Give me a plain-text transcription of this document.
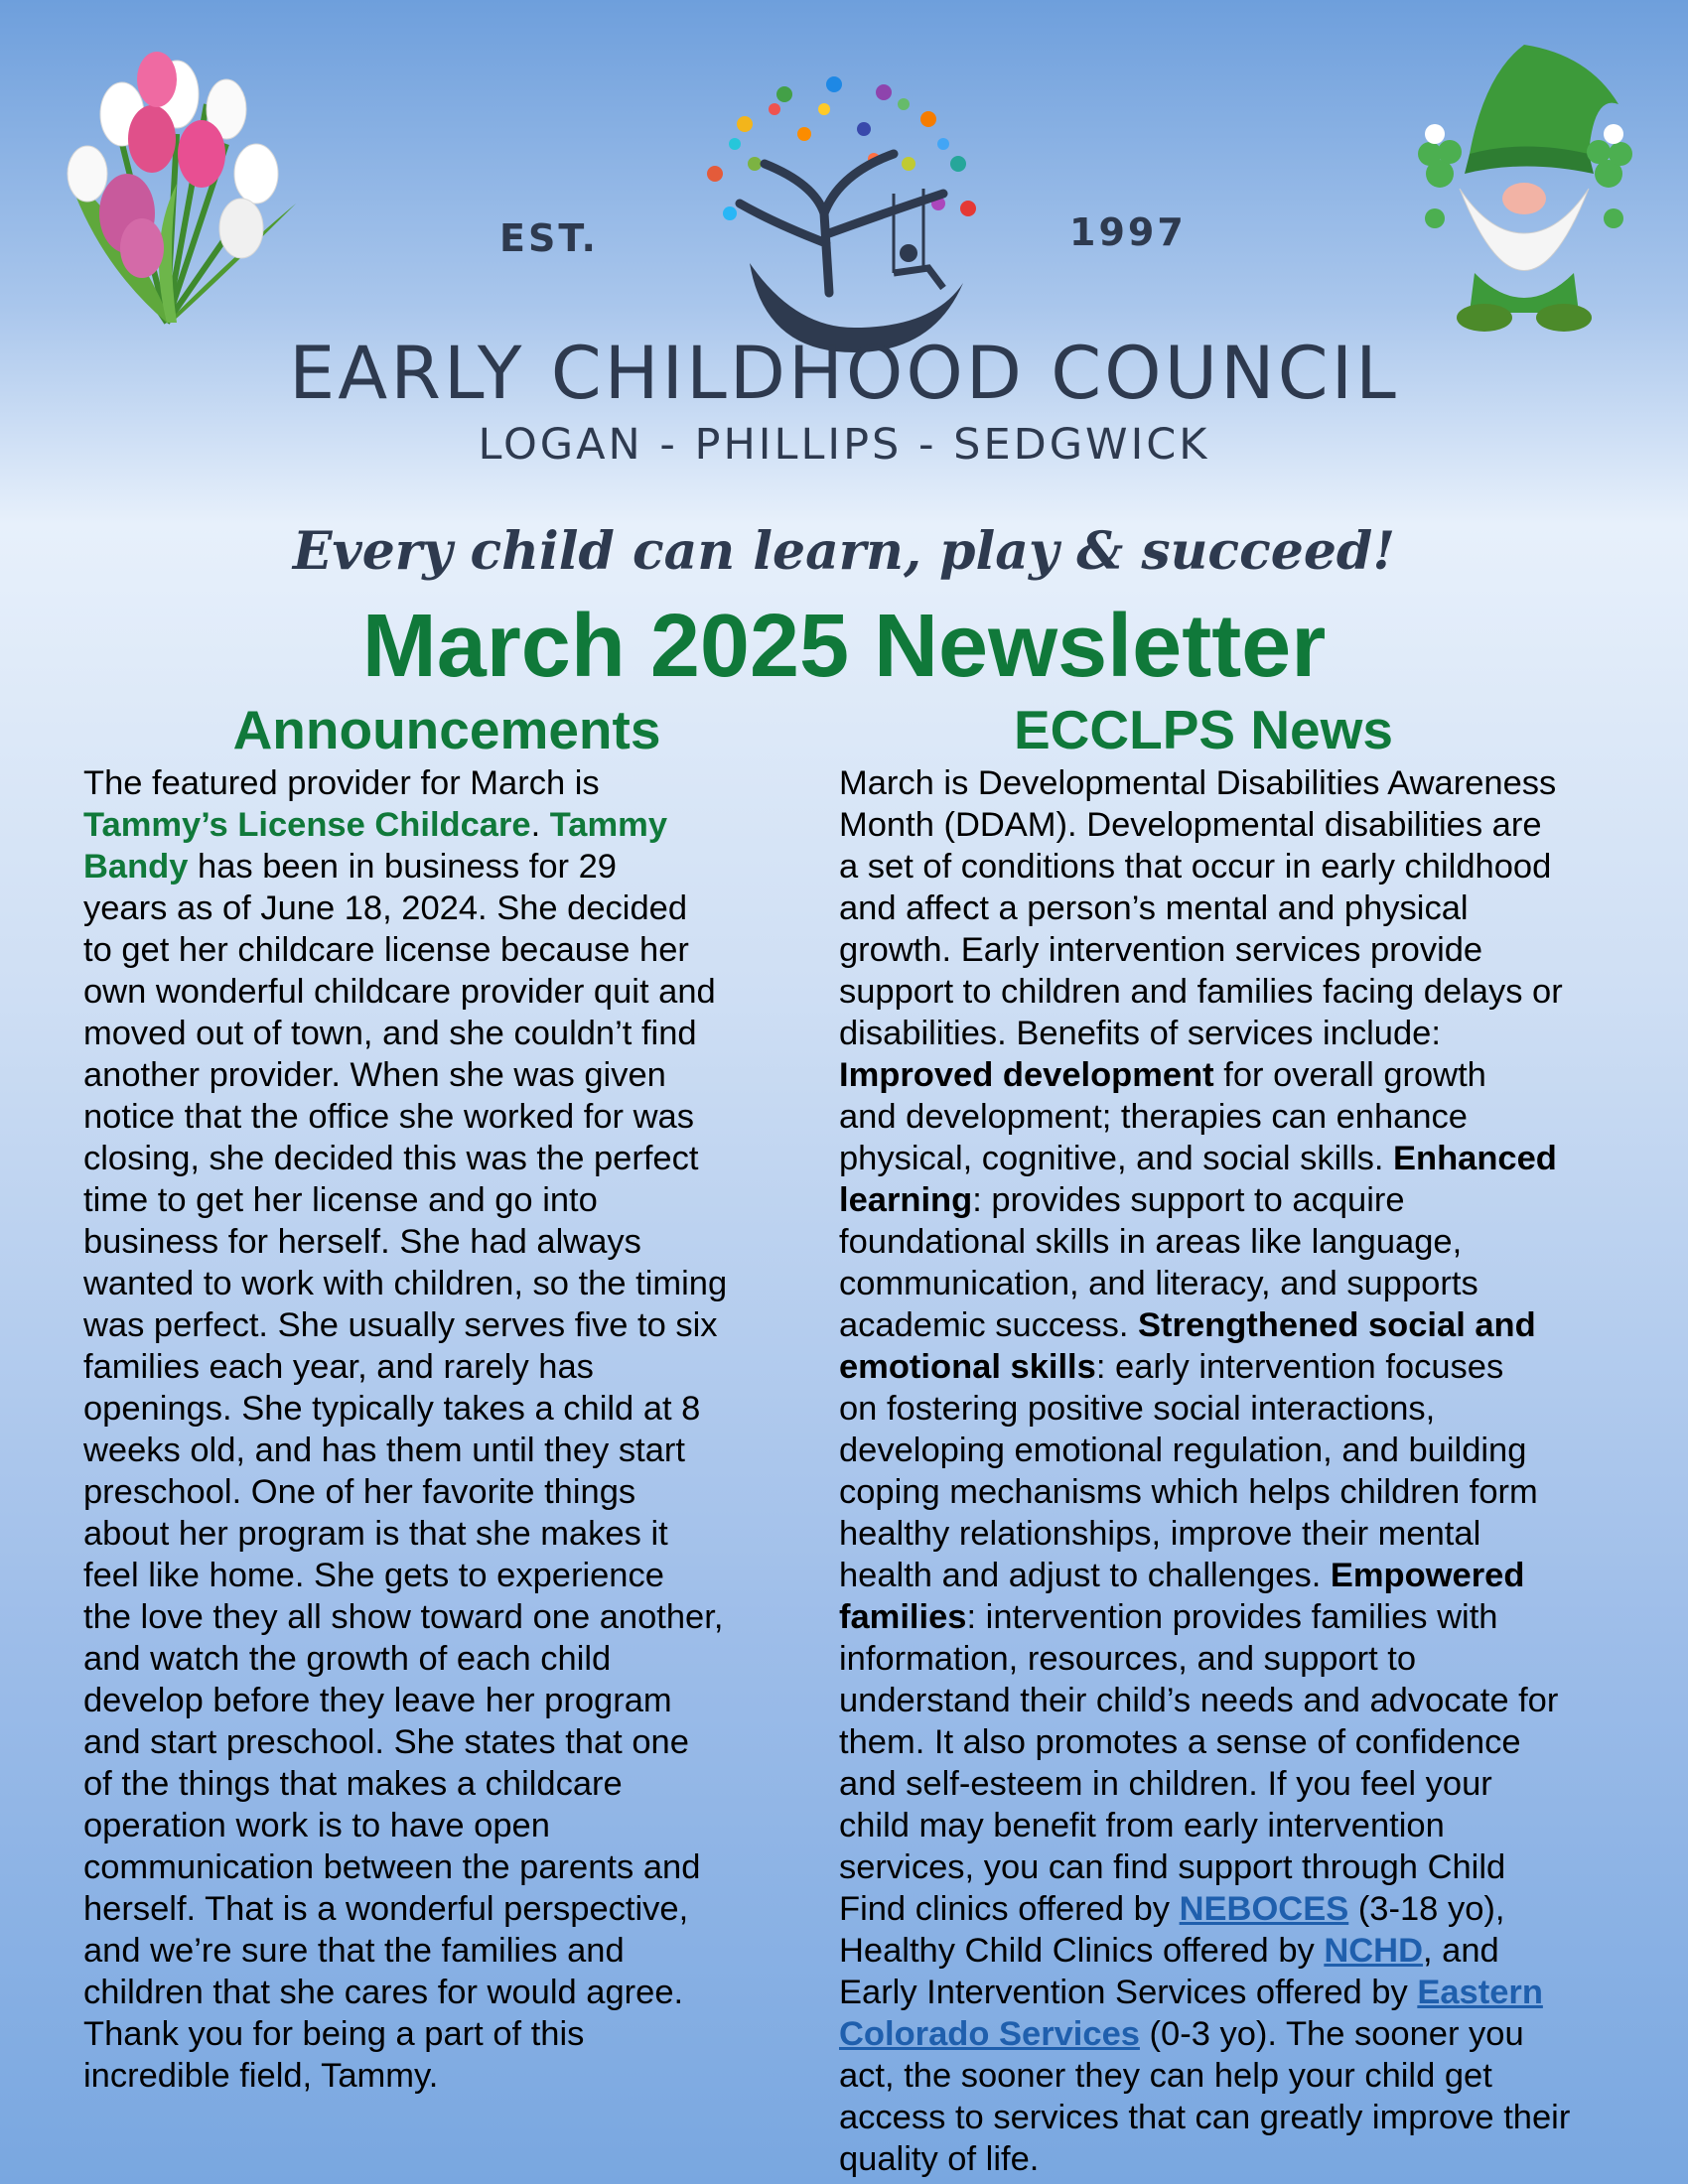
EST.	1997
EARLY CHILDHOOD COUNCIL
LOGAN - PHILLIPS - SEDGWICK
Every child can learn, play & succeed!
March 2025 Newsletter
Announcements	ECCLPS News
The featured provider for March is
Tammy’s License Childcare. Tammy
Bandy has been in business for 29
years as of June 18, 2024. She decided
to get her childcare license because her
own wonderful childcare provider quit and
moved out of town, and she couldn’t find
another provider. When she was given
notice that the office she worked for was
closing, she decided this was the perfect
time to get her license and go into
business for herself. She had always
wanted to work with children, so the timing
was perfect. She usually serves five to six
families each year, and rarely has
openings. She typically takes a child at 8
weeks old, and has them until they start
preschool. One of her favorite things
about her program is that she makes it
feel like home. She gets to experience
the love they all show toward one another,
and watch the growth of each child
develop before they leave her program
and start preschool. She states that one
of the things that makes a childcare
operation work is to have open
communication between the parents and
herself. That is a wonderful perspective,
and we’re sure that the families and
children that she cares for would agree.
Thank you for being a part of this
incredible field, Tammy.
March is Developmental Disabilities Awareness
Month (DDAM). Developmental disabilities are
a set of conditions that occur in early childhood
and affect a person’s mental and physical
growth. Early intervention services provide
support to children and families facing delays or
disabilities. Benefits of services include:
Improved development for overall growth
and development; therapies can enhance
physical, cognitive, and social skills. Enhanced
learning: provides support to acquire
foundational skills in areas like language,
communication, and literacy, and supports
academic success. Strengthened social and
emotional skills: early intervention focuses
on fostering positive social interactions,
developing emotional regulation, and building
coping mechanisms which helps children form
healthy relationships, improve their mental
health and adjust to challenges. Empowered
families: intervention provides families with
information, resources, and support to
understand their child’s needs and advocate for
them. It also promotes a sense of confidence
and self-esteem in children. If you feel your
child may benefit from early intervention
services, you can find support through Child
Find clinics offered by NEBOCES (3-18 yo),
Healthy Child Clinics offered by NCHD, and
Early Intervention Services offered by Eastern
Colorado Services (0-3 yo). The sooner you
act, the sooner they can help your child get
access to services that can greatly improve their
quality of life.
